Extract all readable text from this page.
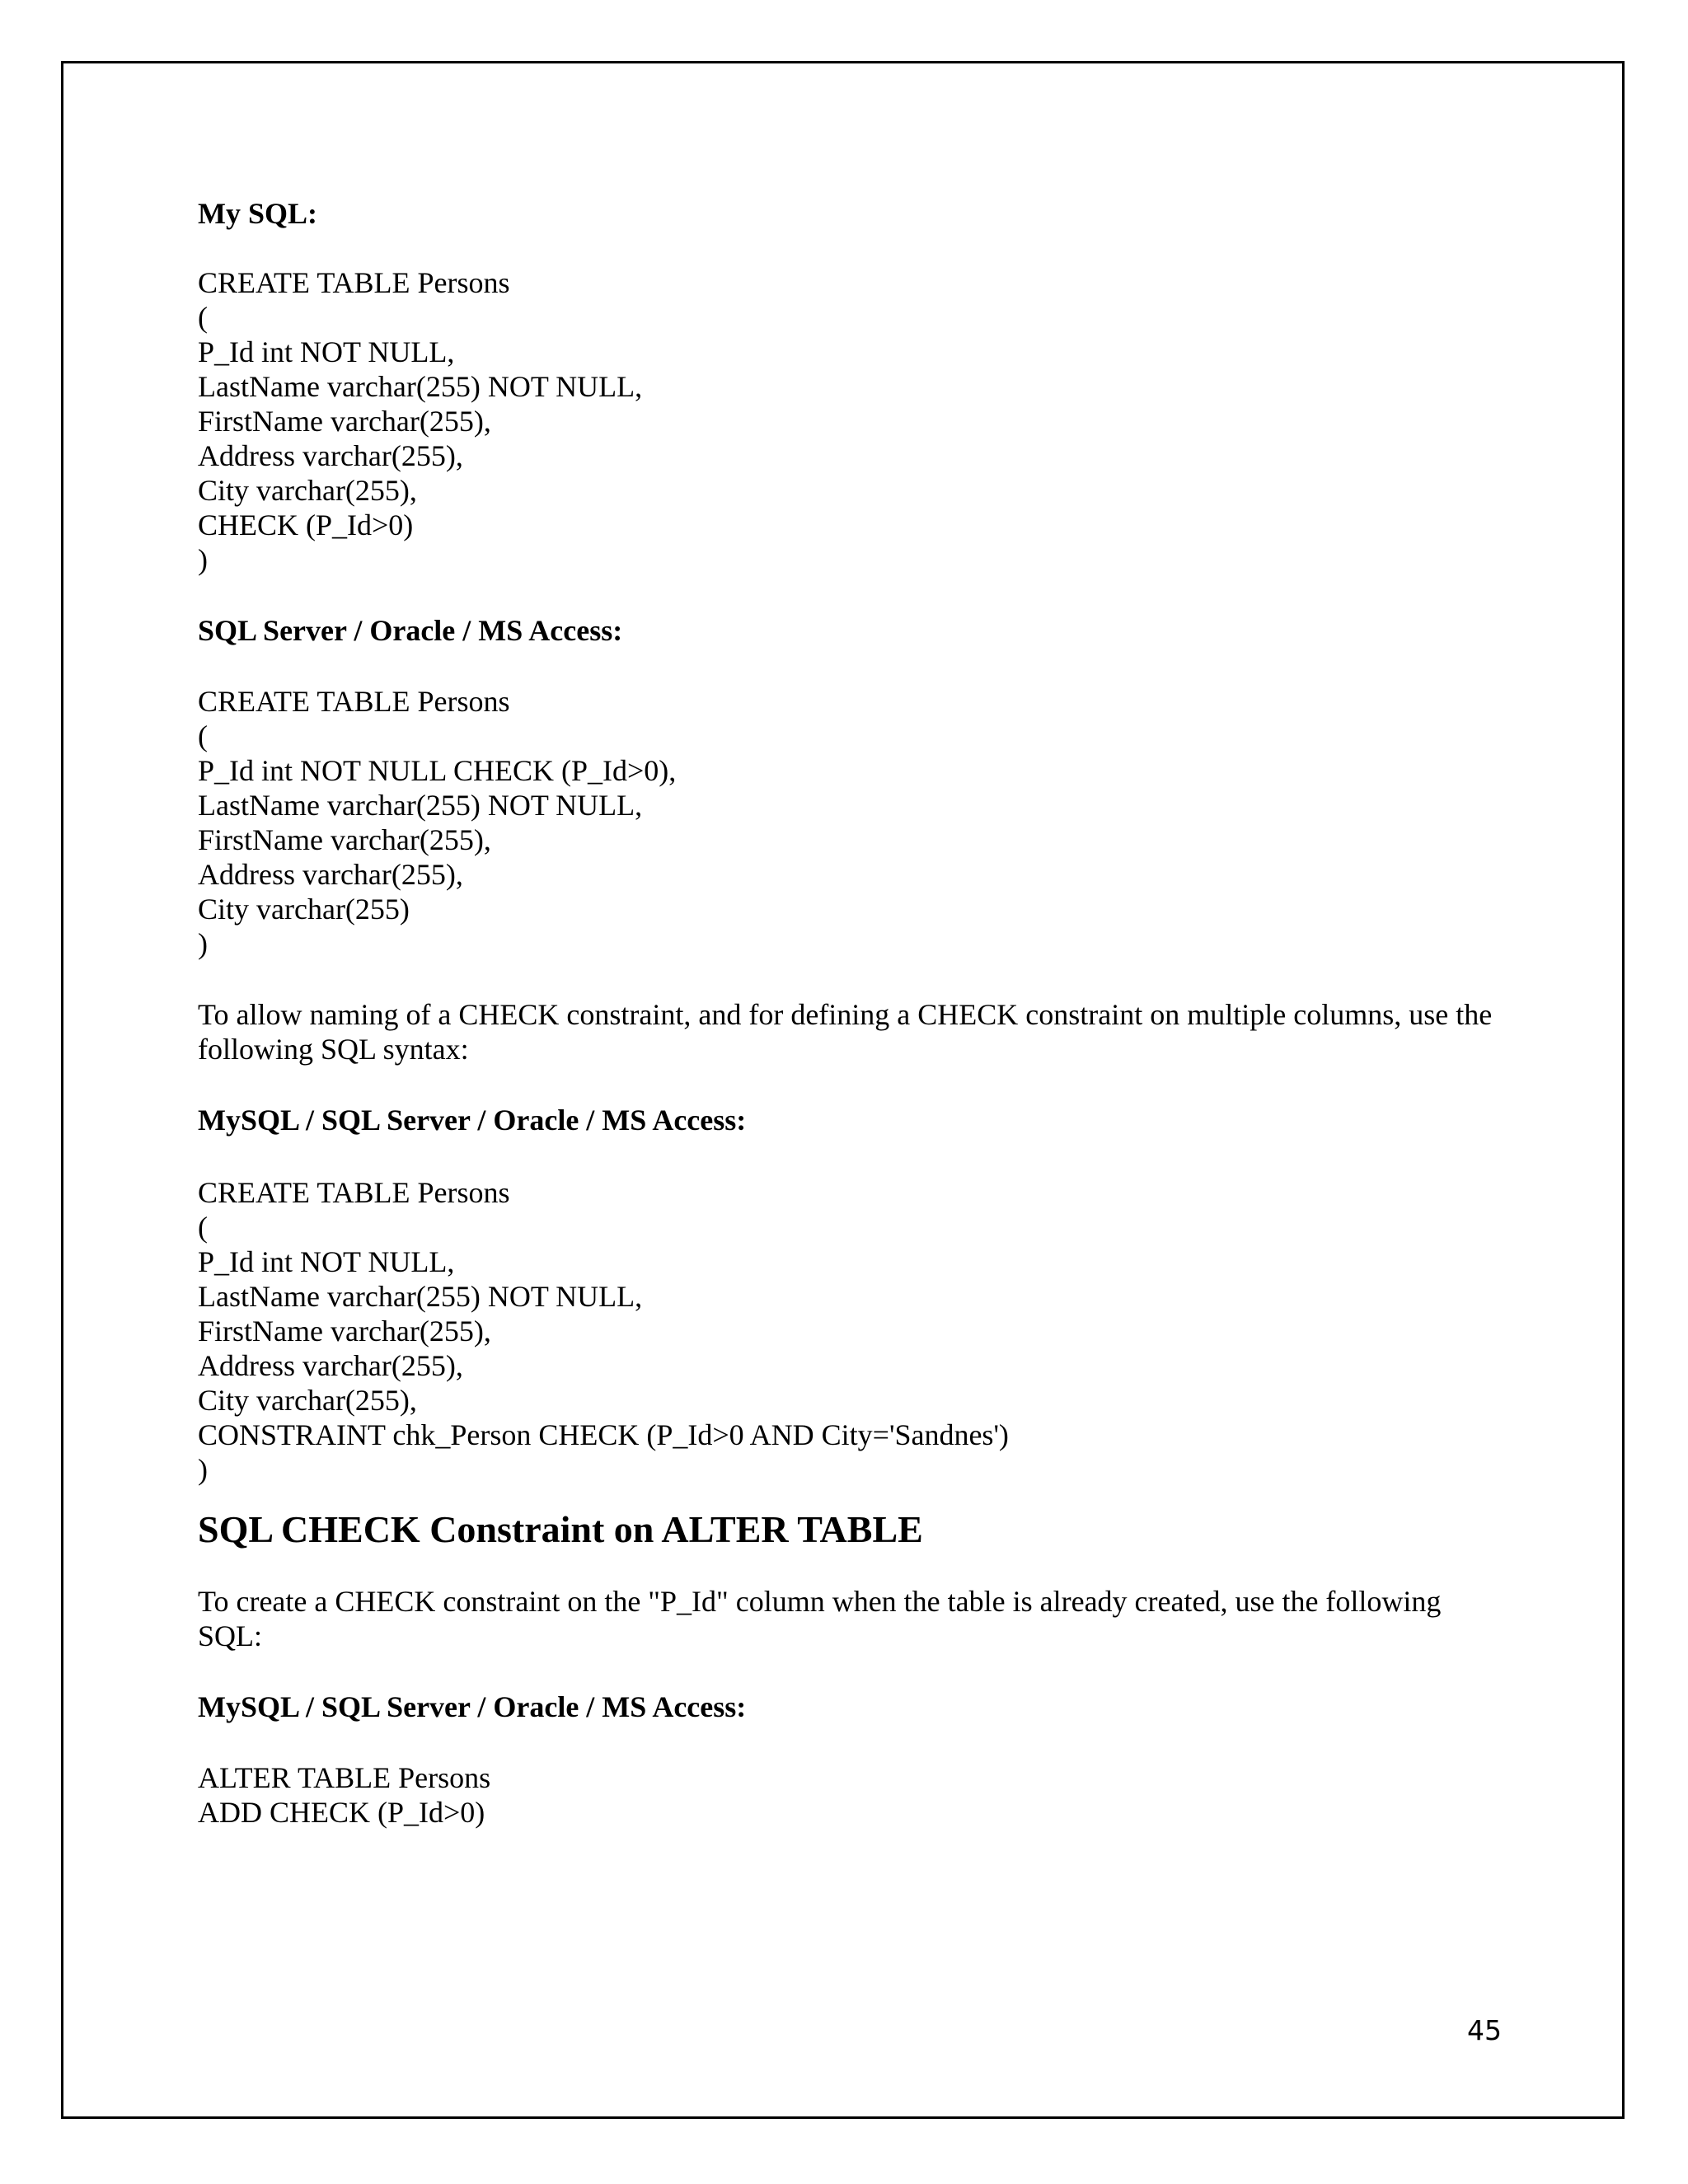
My SQL:

CREATE TABLE Persons
(
P_Id int NOT NULL,
LastName varchar(255) NOT NULL,
FirstName varchar(255),
Address varchar(255),
City varchar(255),
CHECK (P_Id>0)
)

SQL Server / Oracle / MS Access:

CREATE TABLE Persons
(
P_Id int NOT NULL CHECK (P_Id>0),
LastName varchar(255) NOT NULL,
FirstName varchar(255),
Address varchar(255),
City varchar(255)
)

To allow naming of a CHECK constraint, and for defining a CHECK constraint on multiple columns, use the following SQL syntax:

MySQL / SQL Server / Oracle / MS Access:

CREATE TABLE Persons
(
P_Id int NOT NULL,
LastName varchar(255) NOT NULL,
FirstName varchar(255),
Address varchar(255),
City varchar(255),
CONSTRAINT chk_Person CHECK (P_Id>0 AND City='Sandnes')
)
SQL CHECK Constraint on ALTER TABLE

To create a CHECK constraint on the "P_Id" column when the table is already created, use the following SQL:

MySQL / SQL Server / Oracle / MS Access:

ALTER TABLE Persons
ADD CHECK (P_Id>0)
45
